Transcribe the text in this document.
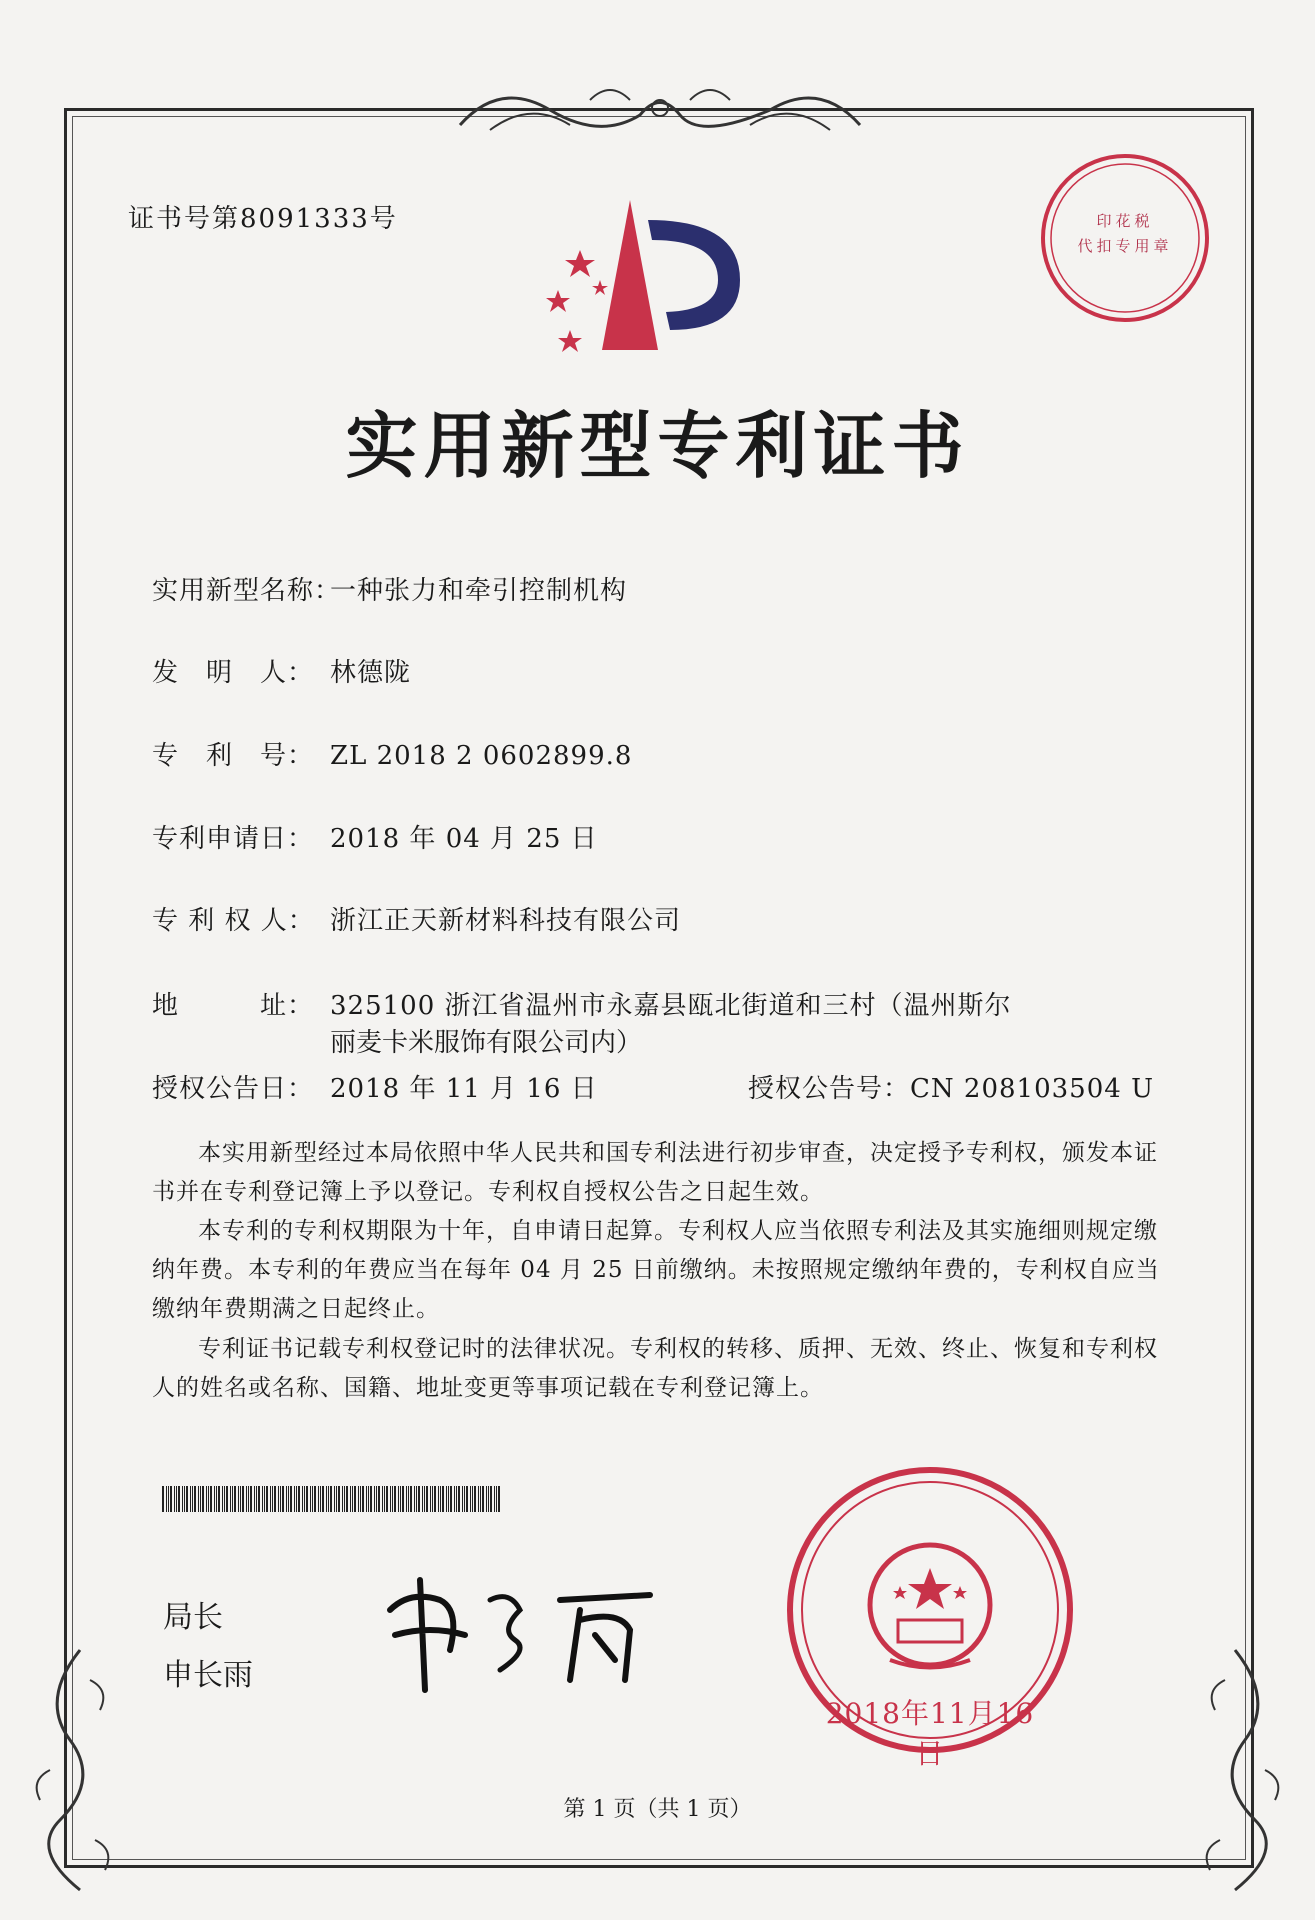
印花税
代扣专用章
证书号第8091333号
实用新型专利证书
实用新型名称：一种张力和牵引控制机构
发　明　人： 林德陇
专　利　号： ZL 2018 2 0602899.8
专利申请日： 2018 年 04 月 25 日
专 利 权 人： 浙江正天新材料科技有限公司
地　　　址： 325100 浙江省温州市永嘉县瓯北街道和三村（温州斯尔
丽麦卡米服饰有限公司内）
授权公告日： 2018 年 11 月 16 日	授权公告号：CN 208103504 U
本实用新型经过本局依照中华人民共和国专利法进行初步审查，决定授予专利权，颁发本证书并在专利登记簿上予以登记。专利权自授权公告之日起生效。
本专利的专利权期限为十年，自申请日起算。专利权人应当依照专利法及其实施细则规定缴纳年费。本专利的年费应当在每年 04 月 25 日前缴纳。未按照规定缴纳年费的，专利权自应当缴纳年费期满之日起终止。
专利证书记载专利权登记时的法律状况。专利权的转移、质押、无效、终止、恢复和专利权人的姓名或名称、国籍、地址变更等事项记载在专利登记簿上。
局长
申长雨
2018年11月16日
第 1 页（共 1 页）
